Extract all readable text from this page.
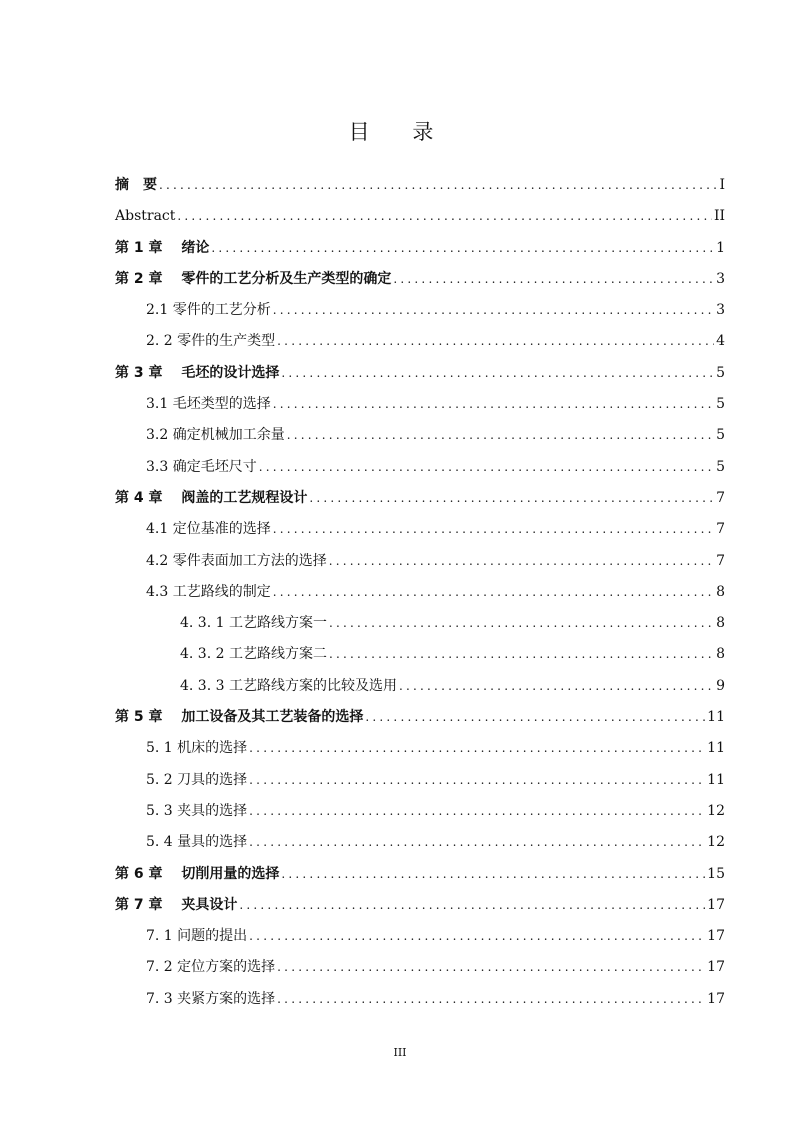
目 录
摘　要 .....	I
Abstract .....	II
第 1 章　 绪论 .....	1
第 2 章　 零件的工艺分析及生产类型的确定 .....	3
2.1 零件的工艺分析 .....	3
2. 2 零件的生产类型 .....	4
第 3 章　 毛坯的设计选择 .....	5
3.1 毛坯类型的选择 .....	5
3.2 确定机械加工余量 .....	5
3.3 确定毛坯尺寸 .....	5
第 4 章　 阀盖的工艺规程设计 .....	7
4.1 定位基准的选择 .....	7
4.2 零件表面加工方法的选择 .....	7
4.3 工艺路线的制定 .....	8
4. 3. 1 工艺路线方案一 .....	8
4. 3. 2 工艺路线方案二 .....	8
4. 3. 3 工艺路线方案的比较及选用 .....	9
第 5 章　 加工设备及其工艺装备的选择 .....	11
5. 1 机床的选择 .....	11
5. 2 刀具的选择 .....	11
5. 3 夹具的选择 .....	12
5. 4 量具的选择 .....	12
第 6 章　 切削用量的选择 .....	15
第 7 章　 夹具设计 .....	17
7. 1 问题的提出 .....	17
7. 2 定位方案的选择 .....	17
7. 3 夹紧方案的选择 .....	17
III
